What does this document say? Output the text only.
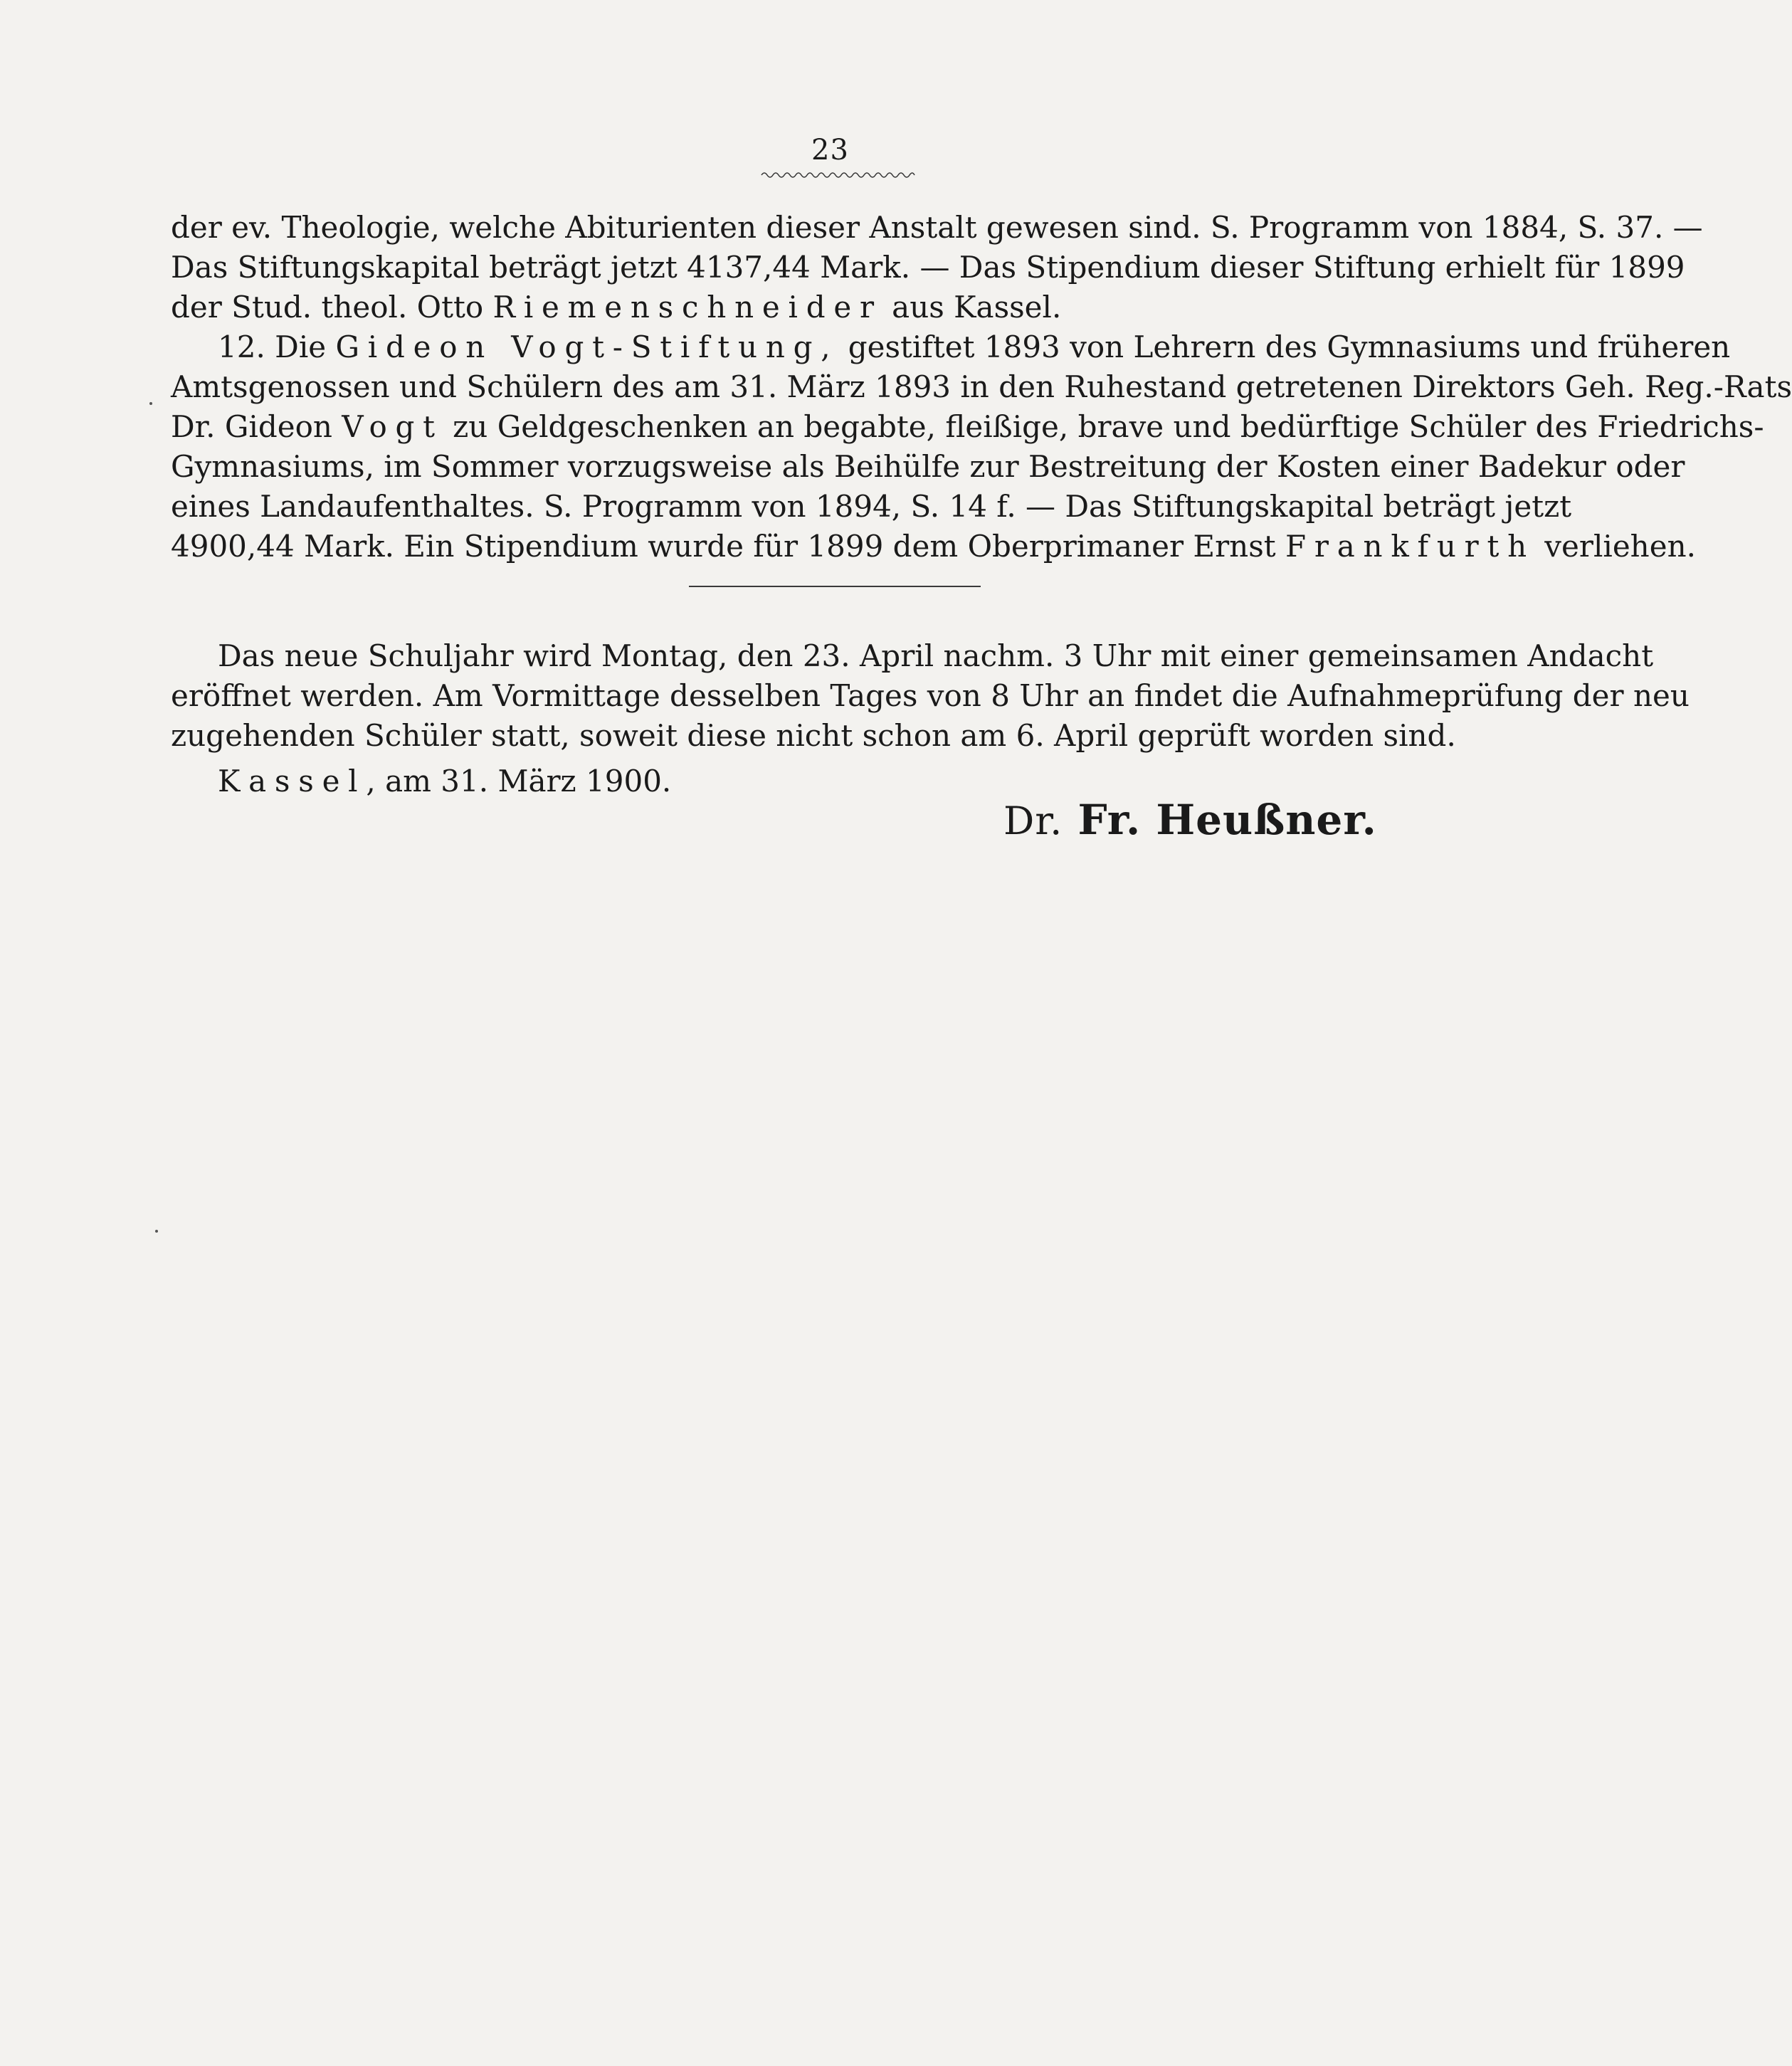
23
der ev. Theologie, welche Abiturienten dieser Anstalt gewesen sind. S. Programm von 1884, S. 37. —
Das Stiftungskapital beträgt jetzt 4137,44 Mark. — Das Stipendium dieser Stiftung erhielt für 1899
der Stud. theol. Otto Riemenschneider aus Kassel.
12. Die Gideon Vogt-Stiftung, gestiftet 1893 von Lehrern des Gymnasiums und früheren
Amtsgenossen und Schülern des am 31. März 1893 in den Ruhestand getretenen Direktors Geh. Reg.-Rats
Dr. Gideon Vogt zu Geldgeschenken an begabte, fleißige, brave und bedürftige Schüler des Friedrichs-
Gymnasiums, im Sommer vorzugsweise als Beihülfe zur Bestreitung der Kosten einer Badekur oder
eines Landaufenthaltes. S. Programm von 1894, S. 14 f. — Das Stiftungskapital beträgt jetzt
4900,44 Mark. Ein Stipendium wurde für 1899 dem Oberprimaner Ernst Frankfurth verliehen.
Das neue Schuljahr wird Montag, den 23. April nachm. 3 Uhr mit einer gemeinsamen Andacht
eröffnet werden. Am Vormittage desselben Tages von 8 Uhr an findet die Aufnahmeprüfung der neu
zugehenden Schüler statt, soweit diese nicht schon am 6. April geprüft worden sind.
Kassel, am 31. März 1900.
Dr. Fr. Heußner.
